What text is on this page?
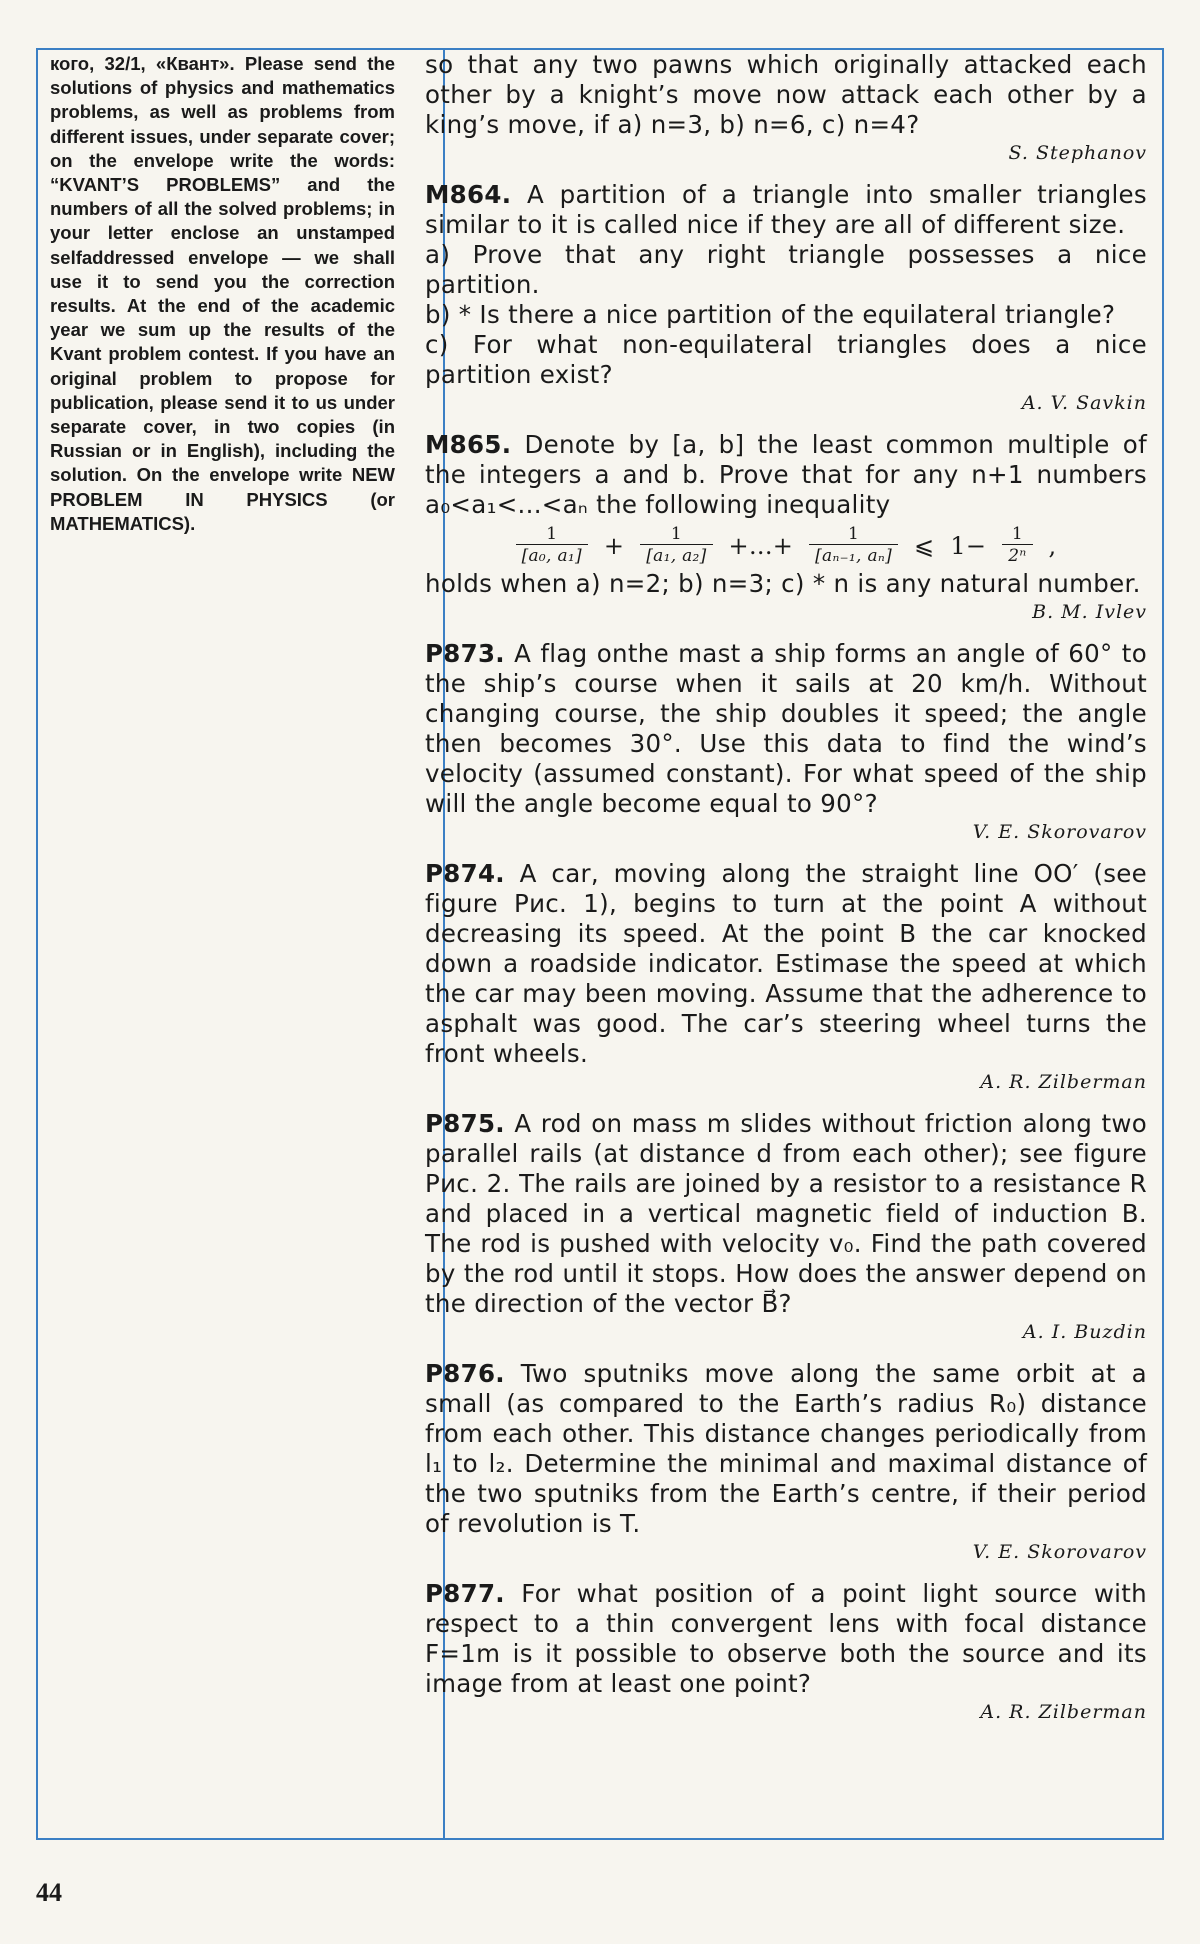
кого, 32/1, «Квант». Please send the solutions of physics and mathematics problems, as well as problems from different issues, under separate cover; on the envelope write the words: “KVANT’S PROBLEMS” and the numbers of all the solved problems; in your letter enclose an unstamped selfaddressed envelope — we shall use it to send you the correction results. At the end of the academic year we sum up the results of the Kvant problem contest. If you have an original problem to propose for publication, please send it to us under separate cover, in two copies (in Russian or in English), including the solution. On the envelope write NEW PROBLEM IN PHYSICS (or MATHEMATICS).

so that any two pawns which originally attacked each other by a knight’s move now attack each other by a king’s move, if a) n=3, b) n=6, c) n=4?

S. Stephanov

M864. A partition of a triangle into smaller triangles similar to it is called nice if they are all of different size.

a) Prove that any right triangle possesses a nice partition.

b) * Is there a nice partition of the equilateral triangle?

c) For what non-equilateral triangles does a nice partition exist?

A. V. Savkin

M865. Denote by [a, b] the least common multiple of the integers a and b. Prove that for any n+1 numbers a₀<a₁<...<aₙ the following inequality

$\frac{1}{\text{[a₀, a₁]}} + \frac{1}{\text{[a₁, a₂]}}$ +...+ $\frac{1}{\text{[aₙ₋₁, aₙ]}}$ ⩽ $1- \frac{1}{\text{2ⁿ}}$ ,

holds when a) n=2; b) n=3; c) * n is any natural number.

B. M. Ivlev

P873. A flag onthe mast a ship forms an angle of 60° to the ship’s course when it sails at 20 km/h. Without changing course, the ship doubles it speed; the angle then becomes 30°. Use this data to find the wind’s velocity (assumed constant). For what speed of the ship will the angle become equal to 90°?

V. E. Skorovarov

P874. A car, moving along the straight line OO′ (see figure Рис. 1), begins to turn at the point A without decreasing its speed. At the point B the car knocked down a roadside indicator. Estimase the speed at which the car may been moving. Assume that the adherence to asphalt was good. The car’s steering wheel turns the front wheels.

A. R. Zilberman

P875. A rod on mass m slides without friction along two parallel rails (at distance d from each other); see figure Рис. 2. The rails are joined by a resistor to a resistance R and placed in a vertical magnetic field of induction B. The rod is pushed with velocity v₀. Find the path covered by the rod until it stops. How does the answer depend on the direction of the vector B⃗?

A. I. Buzdin

P876. Two sputniks move along the same orbit at a small (as compared to the Earth’s radius R₀) distance from each other. This distance changes periodically from l₁ to l₂. Determine the minimal and maximal distance of the two sputniks from the Earth’s centre, if their period of revolution is T.

V. E. Skorovarov

P877. For what position of a point light source with respect to a thin convergent lens with focal distance F=1m is it possible to observe both the source and its image from at least one point?

A. R. Zilberman
44
